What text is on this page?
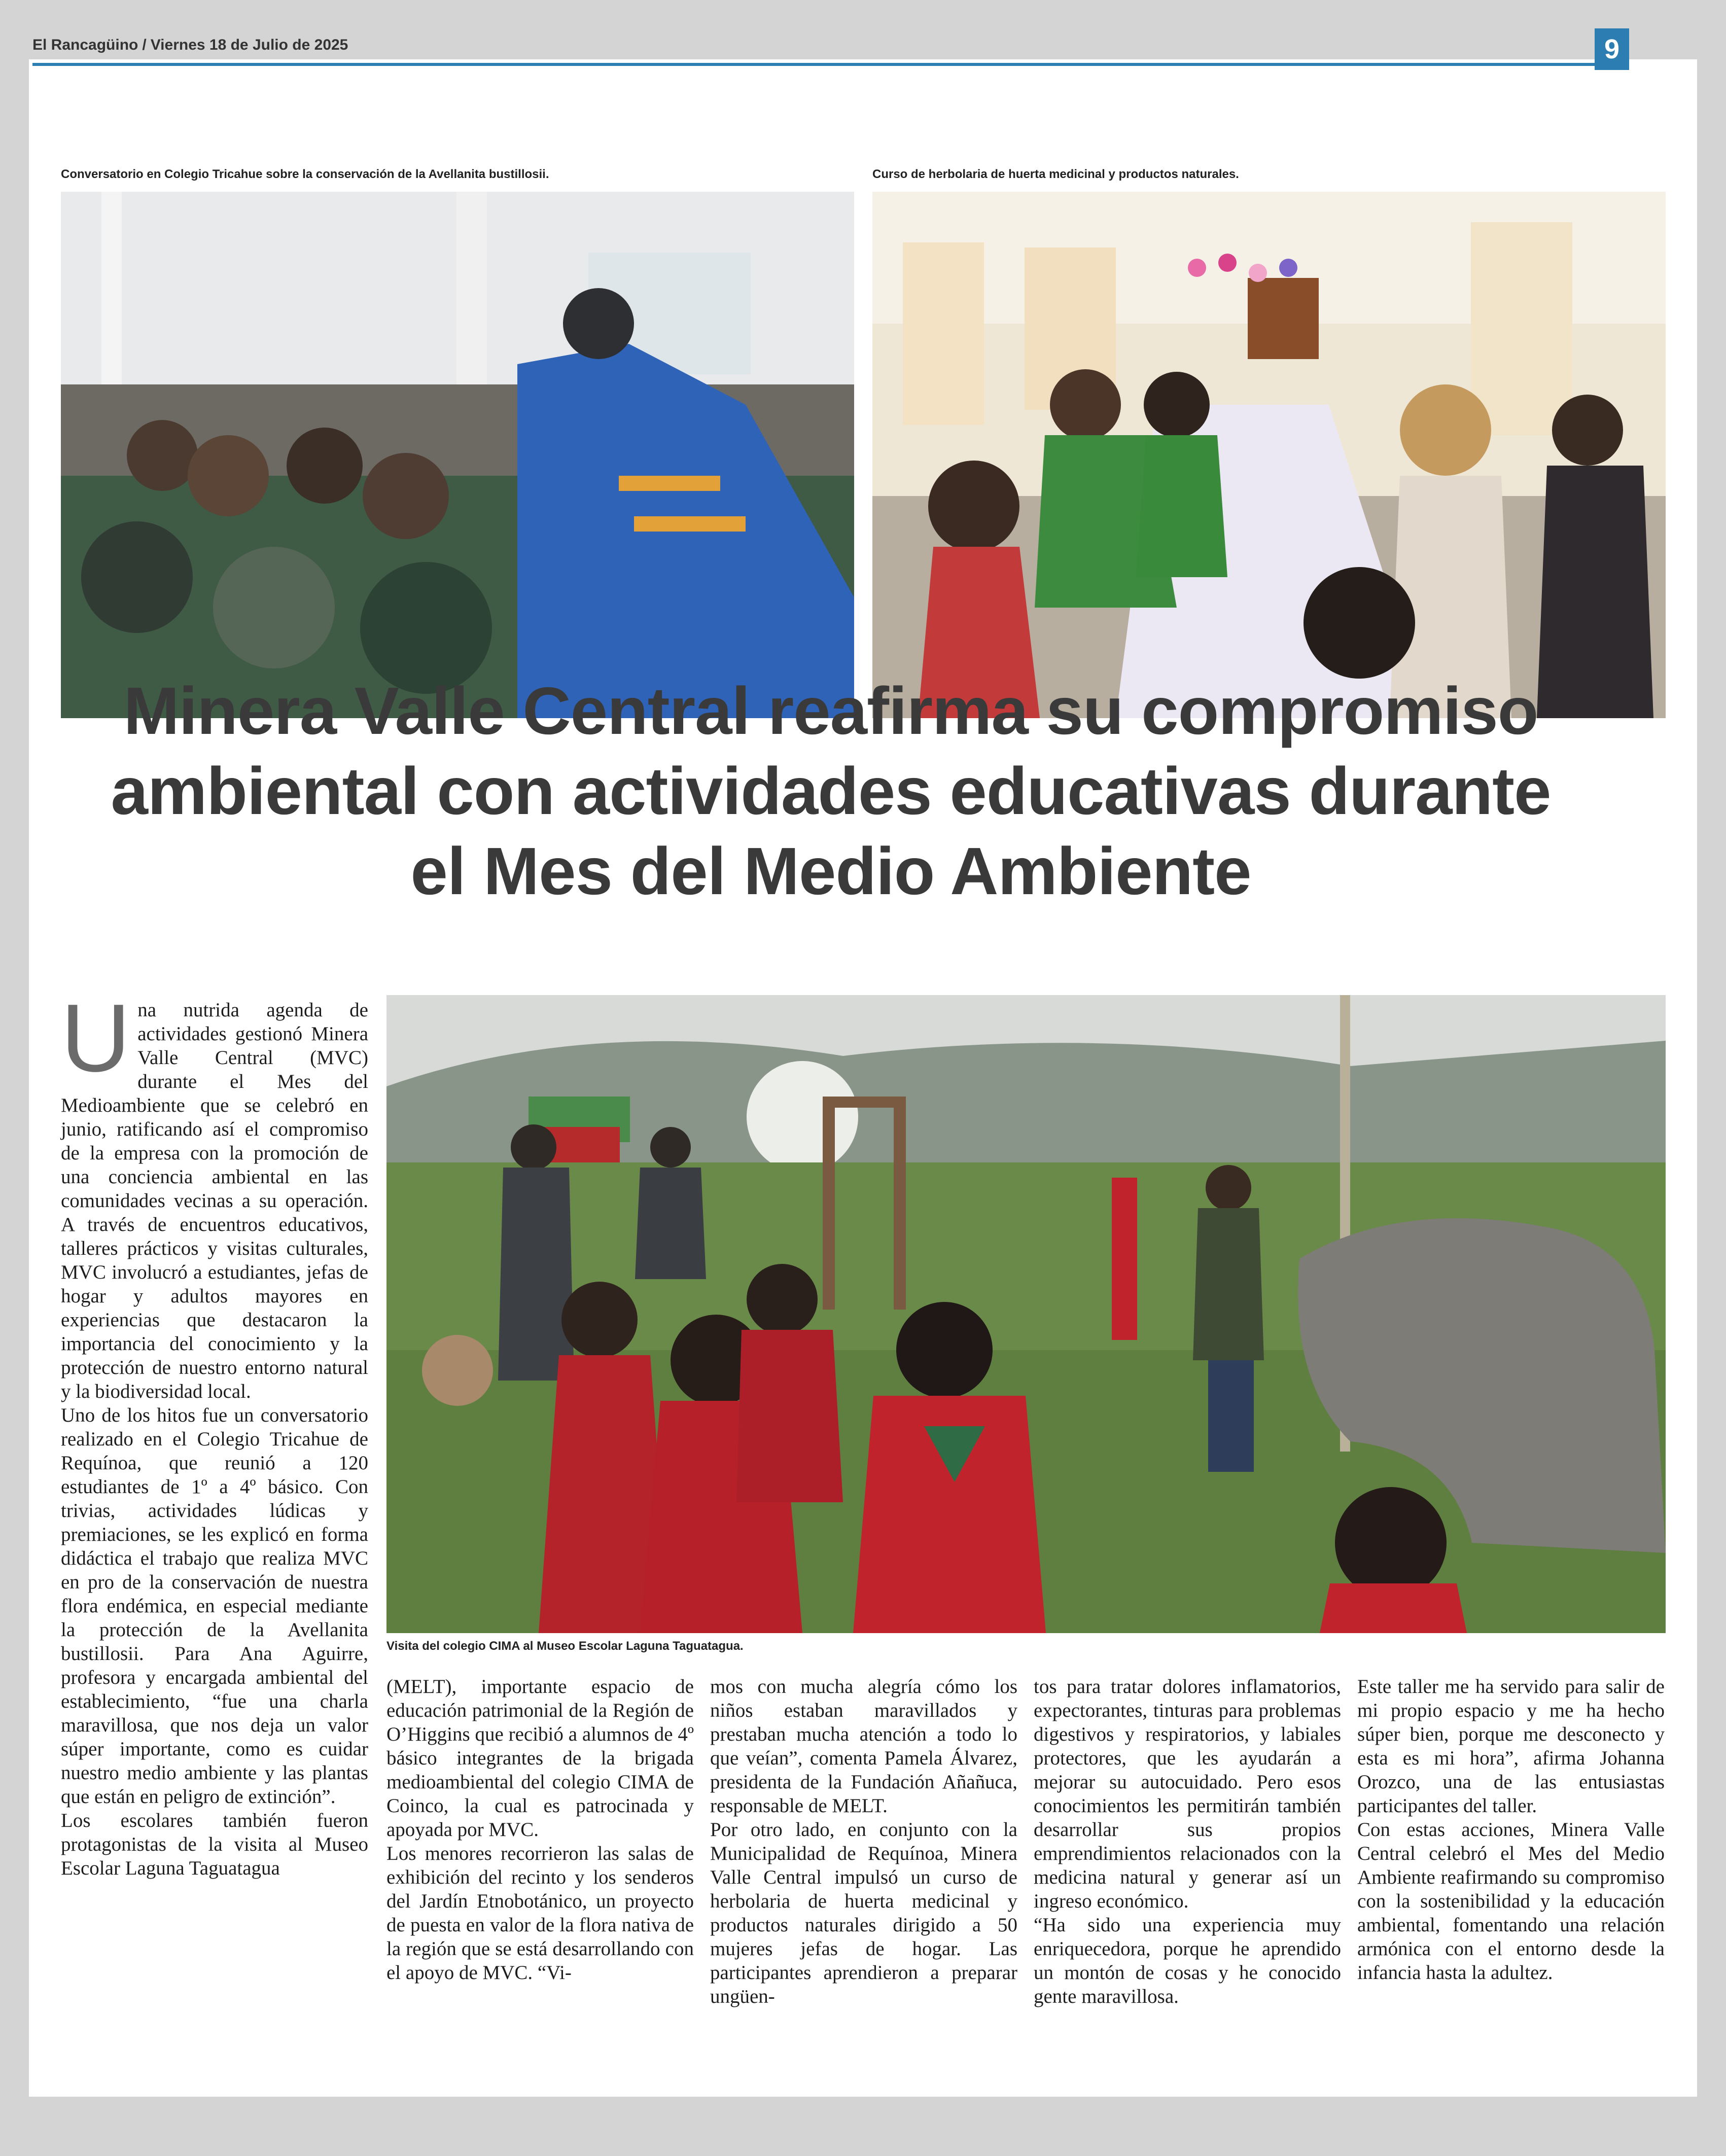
El Rancagüino / Viernes 18 de Julio de 2025	9
Conversatorio en Colegio Tricahue sobre la conservación de la Avellanita bustillosii.	Curso de herbolaria de huerta medicinal y productos naturales.
Minera Valle Central reafirma su compromiso
ambiental con actividades educativas durante
el Mes del Medio Ambiente
Visita del colegio CIMA al Museo Escolar Laguna Taguatagua.
U na nutrida agenda de actividades gestionó Minera Valle Central (MVC) durante el Mes del Medioambiente que se celebró en junio, ratificando así el compromiso de la empresa con la promoción de una conciencia ambiental en las comunidades vecinas a su operación. A través de encuentros educativos, talleres prácticos y visitas culturales, MVC involucró a estudiantes, jefas de hogar y adultos mayores en experiencias que destacaron la importancia del conocimiento y la protección de nuestro entorno natural y la biodiversidad local.

Uno de los hitos fue un conversatorio realizado en el Colegio Tricahue de Requínoa, que reunió a 120 estudiantes de 1º a 4º básico. Con trivias, actividades lúdicas y premiaciones, se les explicó en forma didáctica el trabajo que realiza MVC en pro de la conservación de nuestra flora endémica, en especial mediante la protección de la Avellanita bustillosii. Para Ana Aguirre, profesora y encargada ambiental del establecimiento, “fue una charla maravillosa, que nos deja un valor súper importante, como es cuidar nuestro medio ambiente y las plantas que están en peligro de extinción”.

Los escolares también fueron protagonistas de la visita al Museo Escolar Laguna Taguatagua

(MELT), importante espacio de educación patrimonial de la Región de O’Higgins que recibió a alumnos de 4º básico integrantes de la brigada medioambiental del colegio CIMA de Coinco, la cual es patrocinada y apoyada por MVC.

Los menores recorrieron las salas de exhibición del recinto y los senderos del Jardín Etnobotánico, un proyecto de puesta en valor de la flora nativa de la región que se está desarrollando con el apoyo de MVC. “Vi-

mos con mucha alegría cómo los niños estaban maravillados y prestaban mucha atención a todo lo que veían”, comenta Pamela Álvarez, presidenta de la Fundación Añañuca, responsable de MELT.

Por otro lado, en conjunto con la Municipalidad de Requínoa, Minera Valle Central impulsó un curso de herbolaria de huerta medicinal y productos naturales dirigido a 50 mujeres jefas de hogar. Las participantes aprendieron a preparar ungüen-

tos para tratar dolores inflamatorios, expectorantes, tinturas para problemas digestivos y respiratorios, y labiales protectores, que les ayudarán a mejorar su autocuidado. Pero esos conocimientos les permitirán también desarrollar sus propios emprendimientos relacionados con la medicina natural y generar así un ingreso económico.

“Ha sido una experiencia muy enriquecedora, porque he aprendido un montón de cosas y he conocido gente maravillosa.

Este taller me ha servido para salir de mi propio espacio y me ha hecho súper bien, porque me desconecto y esta es mi hora”, afirma Johanna Orozco, una de las entusiastas participantes del taller.

Con estas acciones, Minera Valle Central celebró el Mes del Medio Ambiente reafirmando su compromiso con la sostenibilidad y la educación ambiental, fomentando una relación armónica con el entorno desde la infancia hasta la adultez.
